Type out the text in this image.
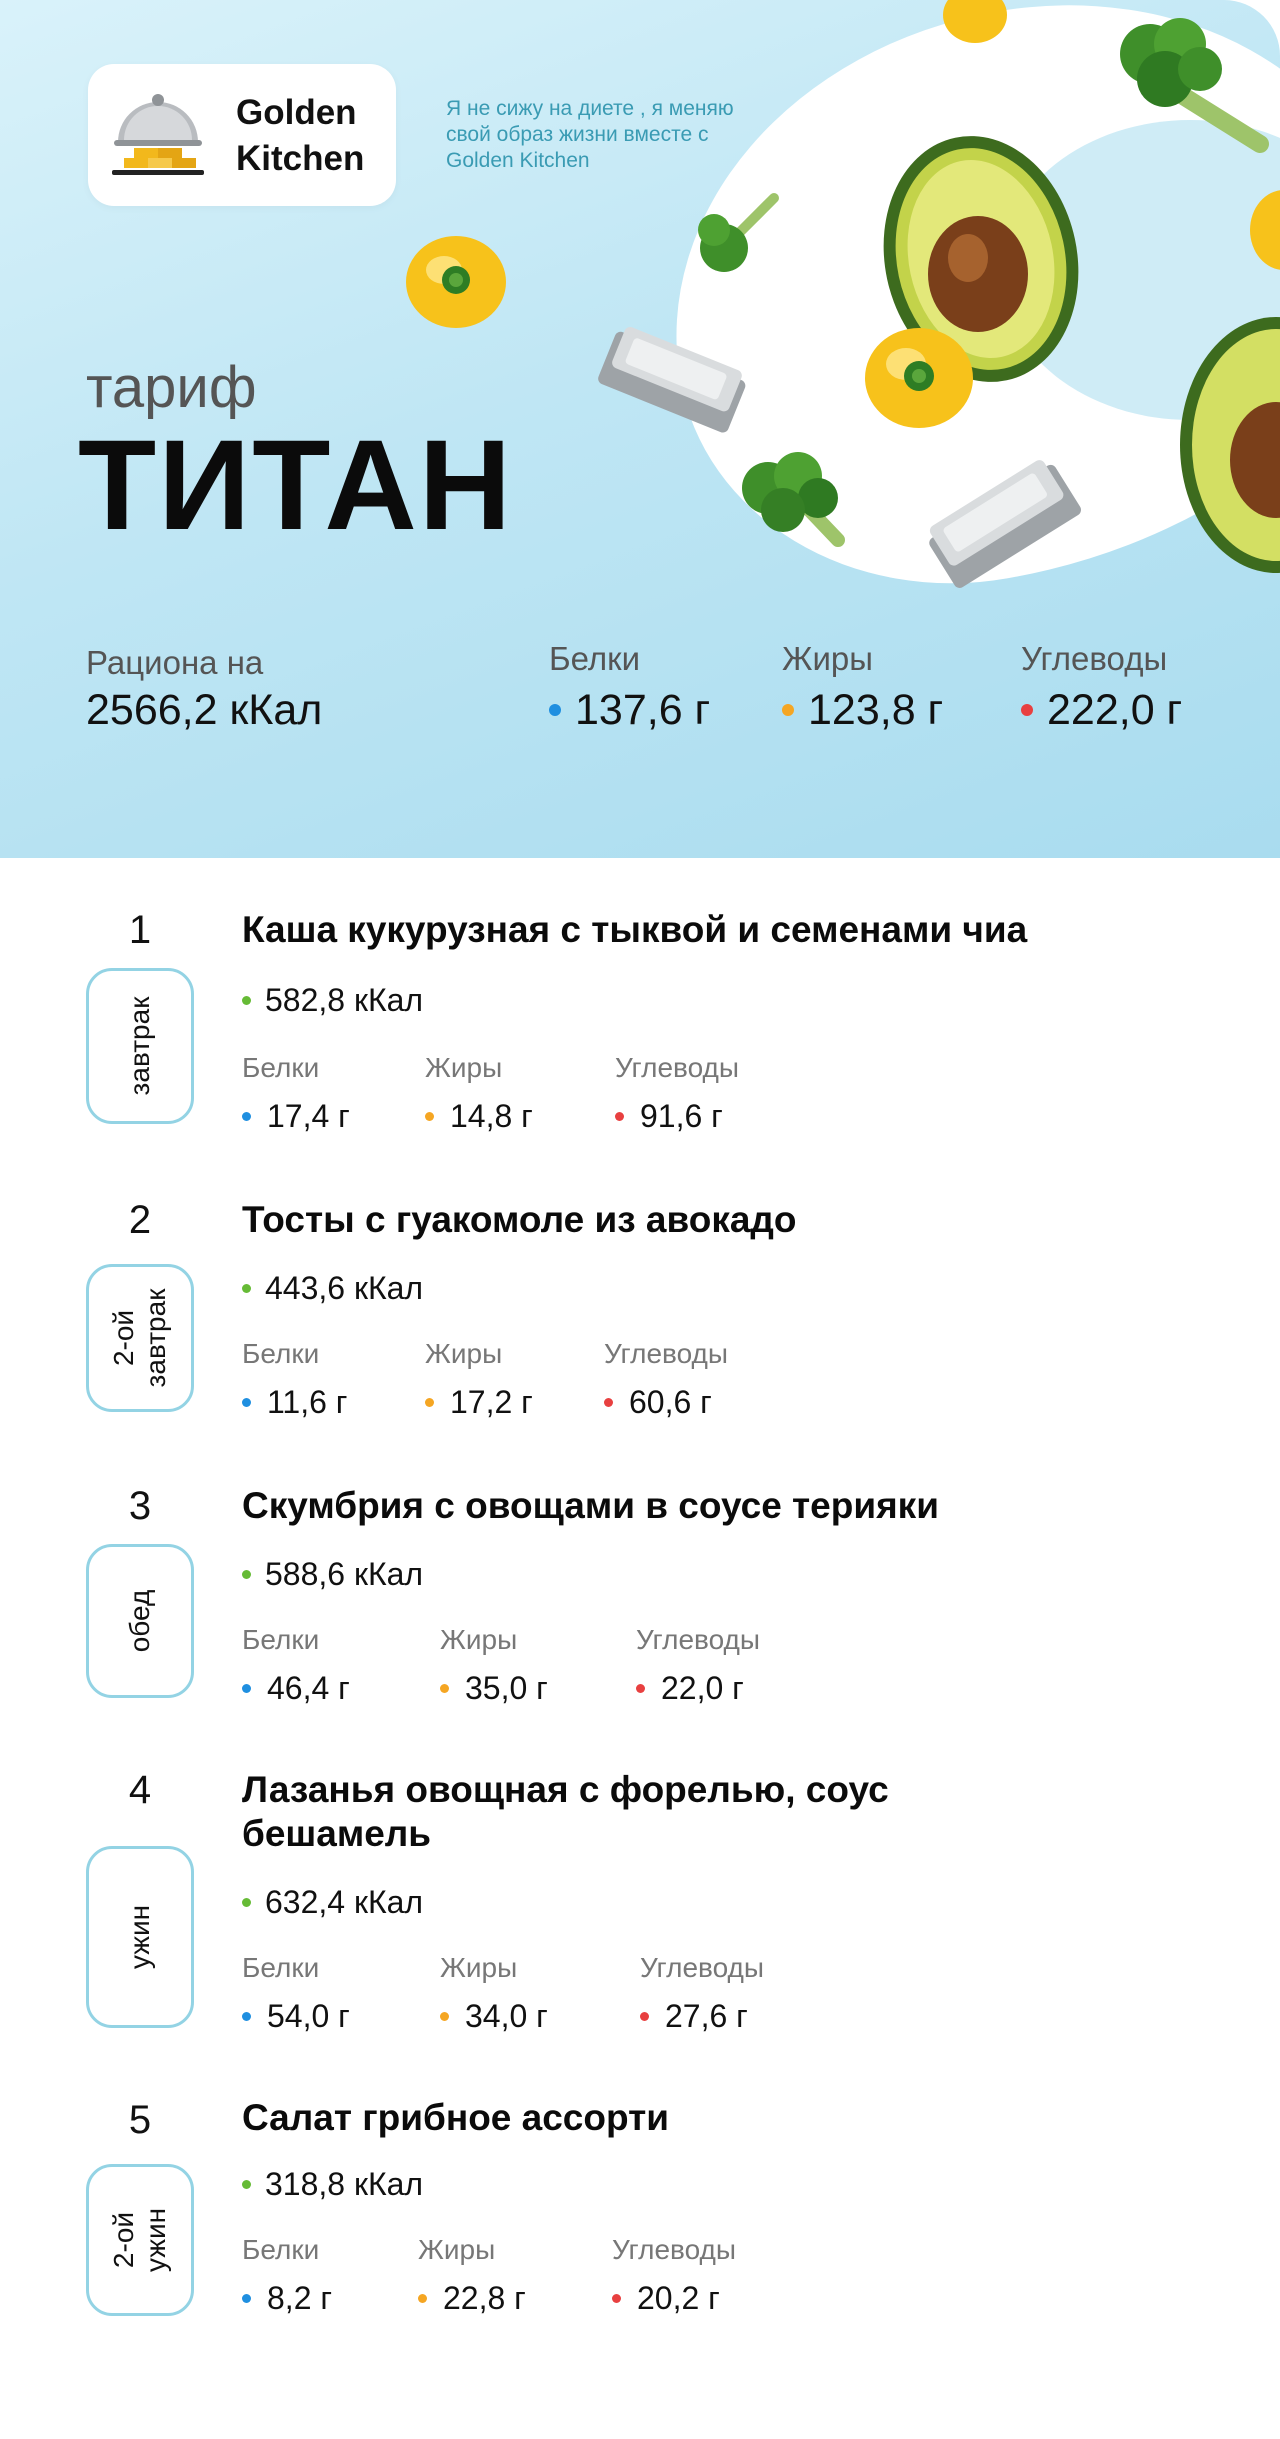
Golden
Kitchen
Я не сижу на диете , я меняю свой образ жизни вместе с Golden Kitchen
тариф
ТИТАН
Рациона на
2566,2 кКал
Белки
137,6 г
Жиры
123,8 г
Углеводы
222,0 г
1
завтрак
Каша кукурузная с тыквой и семенами чиа
582,8 кКал
Белки
17,4 г
Жиры
14,8 г
Углеводы
91,6 г
2
2-ой
завтрак
Тосты с гуакомоле из авокадо
443,6 кКал
Белки
11,6 г
Жиры
17,2 г
Углеводы
60,6 г
3
обед
Скумбрия с овощами в соусе терияки
588,6 кКал
Белки
46,4 г
Жиры
35,0 г
Углеводы
22,0 г
4
ужин
Лазанья овощная с форелью, соус бешамель
632,4 кКал
Белки
54,0 г
Жиры
34,0 г
Углеводы
27,6 г
5
2-ой
ужин
Салат грибное ассорти
318,8 кКал
Белки
8,2 г
Жиры
22,8 г
Углеводы
20,2 г
